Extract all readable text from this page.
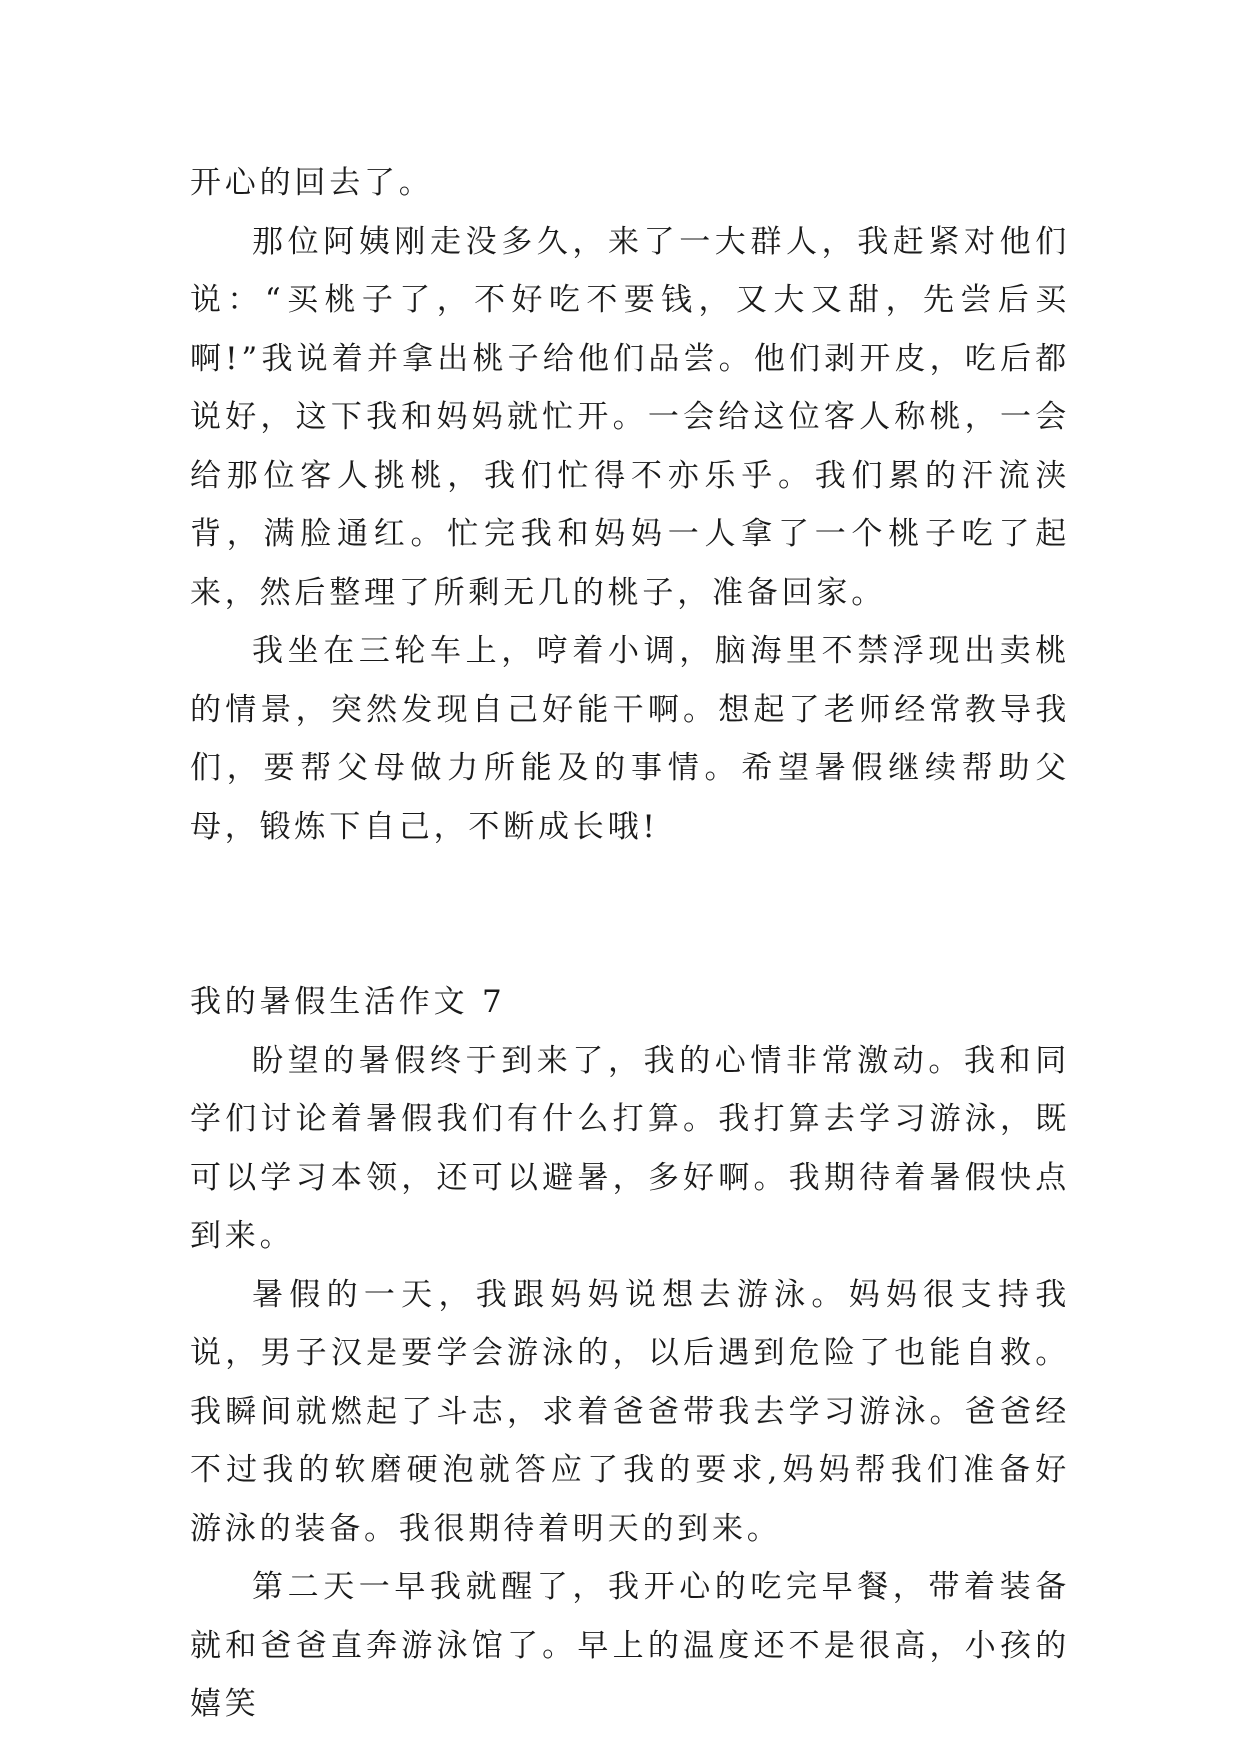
开心的回去了。

那位阿姨刚走没多久，来了一大群人，我赶紧对他们说：“买桃子了，不好吃不要钱，又大又甜，先尝后买啊!”我说着并拿出桃子给他们品尝。他们剥开皮，吃后都说好，这下我和妈妈就忙开。一会给这位客人称桃，一会给那位客人挑桃，我们忙得不亦乐乎。我们累的汗流浃背，满脸通红。忙完我和妈妈一人拿了一个桃子吃了起来，然后整理了所剩无几的桃子，准备回家。

我坐在三轮车上，哼着小调，脑海里不禁浮现出卖桃的情景，突然发现自己好能干啊。想起了老师经常教导我们，要帮父母做力所能及的事情。希望暑假继续帮助父母，锻炼下自己，不断成长哦!

我的暑假生活作文 7

盼望的暑假终于到来了，我的心情非常激动。我和同学们讨论着暑假我们有什么打算。我打算去学习游泳，既可以学习本领，还可以避暑，多好啊。我期待着暑假快点到来。

暑假的一天，我跟妈妈说想去游泳。妈妈很支持我说，男子汉是要学会游泳的，以后遇到危险了也能自救。我瞬间就燃起了斗志，求着爸爸带我去学习游泳。爸爸经不过我的软磨硬泡就答应了我的要求,妈妈帮我们准备好游泳的装备。我很期待着明天的到来。

第二天一早我就醒了，我开心的吃完早餐，带着装备就和爸爸直奔游泳馆了。早上的温度还不是很高，小孩的嬉笑
